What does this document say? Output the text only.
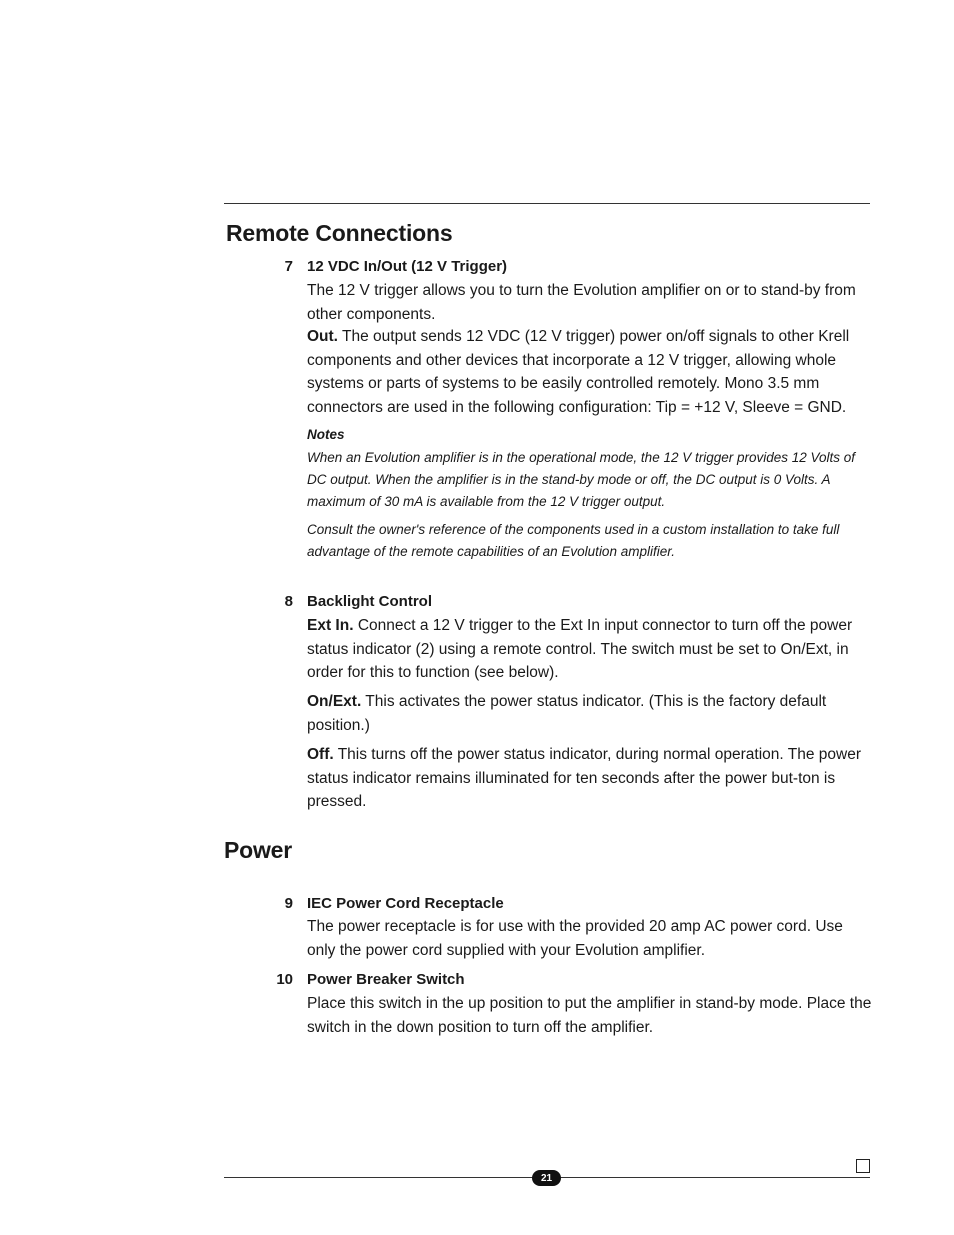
Remote Connections
7 12 VDC In/Out (12 V Trigger)
The 12 V trigger allows you to turn the Evolution amplifier on or to stand-by from other components.
Out. The output sends 12 VDC (12 V trigger) power on/off signals to other Krell components and other devices that incorporate a 12 V trigger, allowing whole systems or parts of systems to be easily controlled remotely. Mono 3.5 mm connectors are used in the following configuration: Tip = +12 V, Sleeve = GND.
Notes
When an Evolution amplifier is in the operational mode, the 12 V trigger provides 12 Volts of DC output. When the amplifier is in the stand-by mode or off, the DC output is 0 Volts. A maximum of 30 mA is available from the 12 V trigger output.
Consult the owner's reference of the components used in a custom installation to take full advantage of the remote capabilities of an Evolution amplifier.
8 Backlight Control
Ext In. Connect a 12 V trigger to the Ext In input connector to turn off the power status indicator (2) using a remote control. The switch must be set to On/Ext, in order for this to function (see below).
On/Ext. This activates the power status indicator. (This is the factory default position.)
Off. This turns off the power status indicator, during normal operation. The power status indicator remains illuminated for ten seconds after the power but-ton is pressed.
Power
9 IEC Power Cord Receptacle
The power receptacle is for use with the provided 20 amp AC power cord. Use only the power cord supplied with your Evolution amplifier.
10 Power Breaker Switch
Place this switch in the up position to put the amplifier in stand-by mode. Place the switch in the down position to turn off the amplifier.
21
